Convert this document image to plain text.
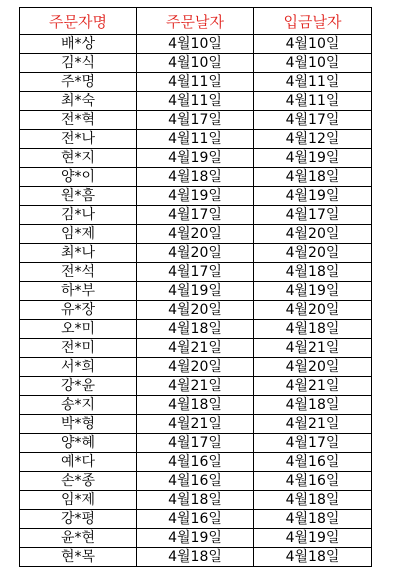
주문자명	주문날자	입금날자
배*상	4월10일	4월10일
김*식	4월10일	4월10일
주*명	4월11일	4월11일
최*숙	4월11일	4월11일
전*혁	4월17일	4월17일
전*나	4월11일	4월12일
현*지	4월19일	4월19일
양*이	4월18일	4월18일
원*흠	4월19일	4월19일
김*나	4월17일	4월17일
임*제	4월20일	4월20일
최*나	4월20일	4월20일
전*석	4월17일	4월18일
하*부	4월19일	4월19일
유*장	4월20일	4월20일
오*미	4월18일	4월18일
전*미	4월21일	4월21일
서*희	4월20일	4월20일
강*윤	4월21일	4월21일
송*지	4월18일	4월18일
박*형	4월21일	4월21일
양*혜	4월17일	4월17일
예*다	4월16일	4월16일
손*종	4월16일	4월16일
임*제	4월18일	4월18일
강*평	4월16일	4월18일
윤*현	4월19일	4월19일
현*목	4월18일	4월18일
